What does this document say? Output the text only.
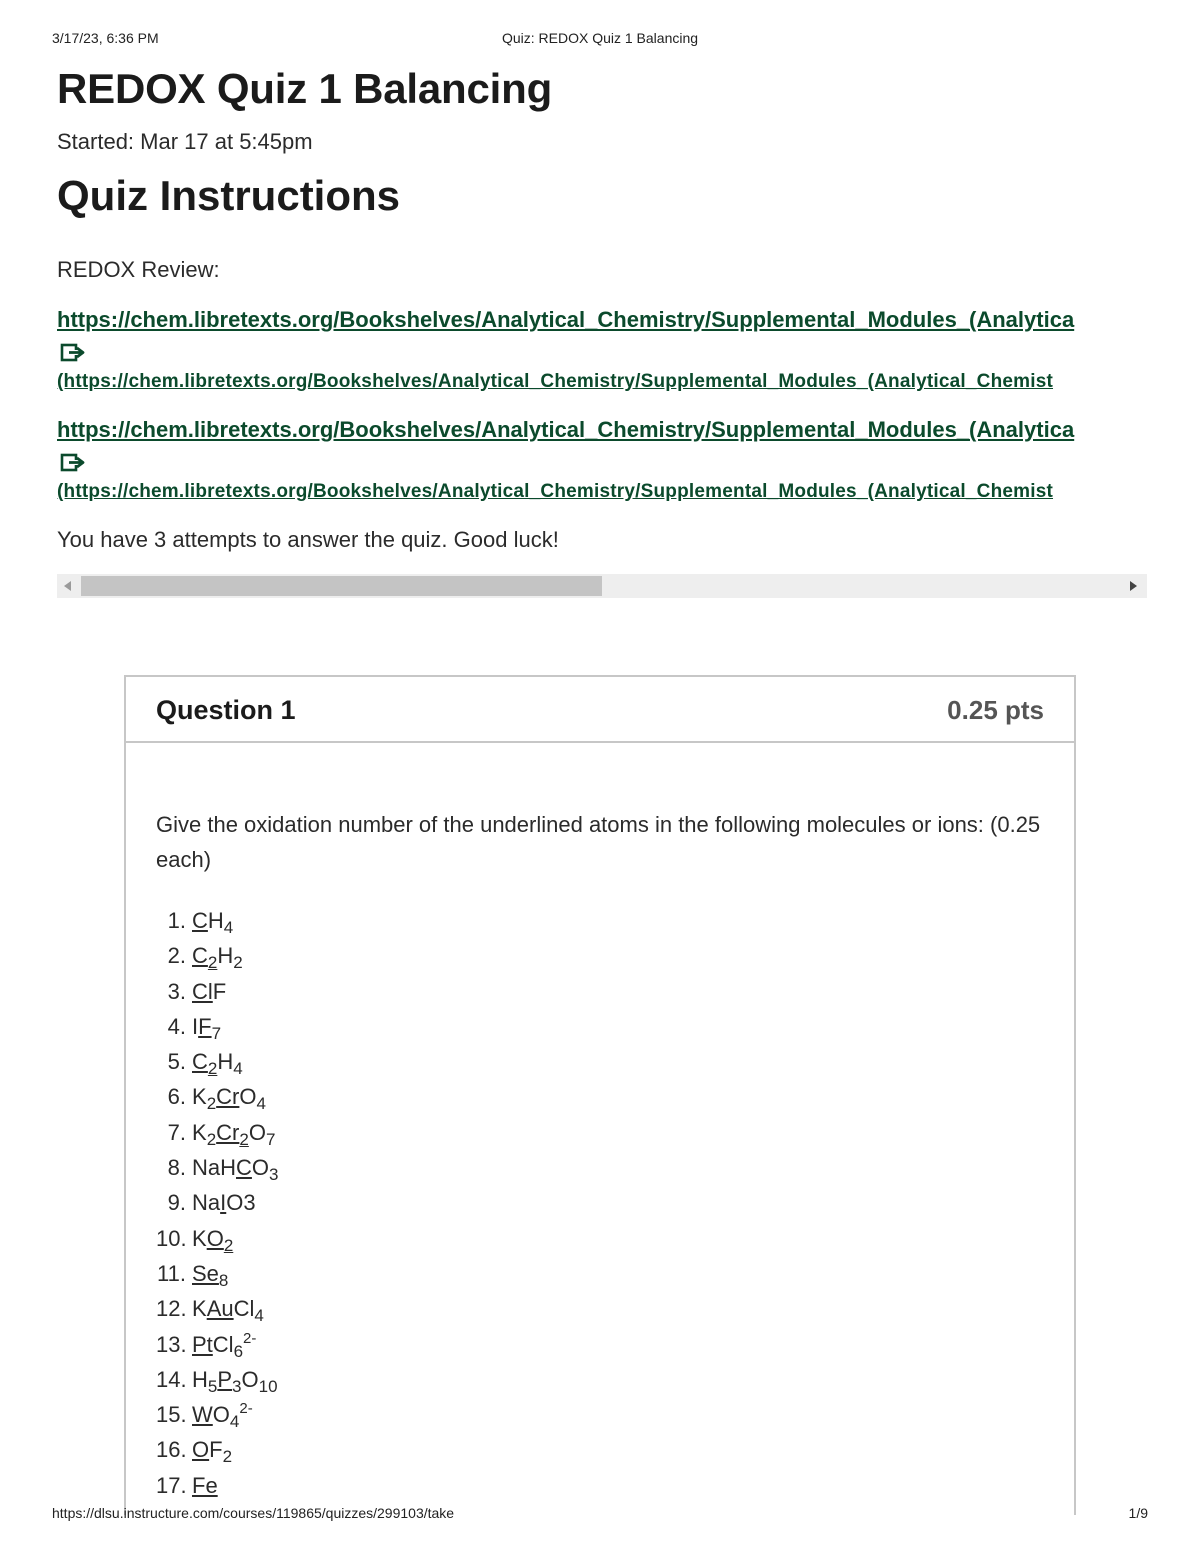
3/17/23, 6:36 PM	Quiz: REDOX Quiz 1 Balancing
REDOX Quiz 1 Balancing
Started: Mar 17 at 5:45pm
Quiz Instructions
REDOX Review:
https://chem.libretexts.org/Bookshelves/Analytical_Chemistry/Supplemental_Modules_(Analytica
(https://chem.libretexts.org/Bookshelves/Analytical_Chemistry/Supplemental_Modules_(Analytical_Chemist
https://chem.libretexts.org/Bookshelves/Analytical_Chemistry/Supplemental_Modules_(Analytica
(https://chem.libretexts.org/Bookshelves/Analytical_Chemistry/Supplemental_Modules_(Analytical_Chemist
You have 3 attempts to answer the quiz. Good luck!
Question 1	0.25 pts

Give the oxidation number of the underlined atoms in the following molecules or ions: (0.25 each)

1. $CH_4$
2. $C_2H_2$
3. ClF
4. $IF_7$
5. $C_2H_4$
6. $K_2CrO_4$
7. $K_2Cr_2O_7$
8. NaHCO$_3$
9. NaIO3
10. $KO_2$
11. $Se_8$
12. KAuCl$_4$
13. PtCl$_6^{2-}$
14. $H_5P_3O_{10}$
15. $WO_4^{2-}$
16. $OF_2$
17. Fe
https://dlsu.instructure.com/courses/119865/quizzes/299103/take	1/9
